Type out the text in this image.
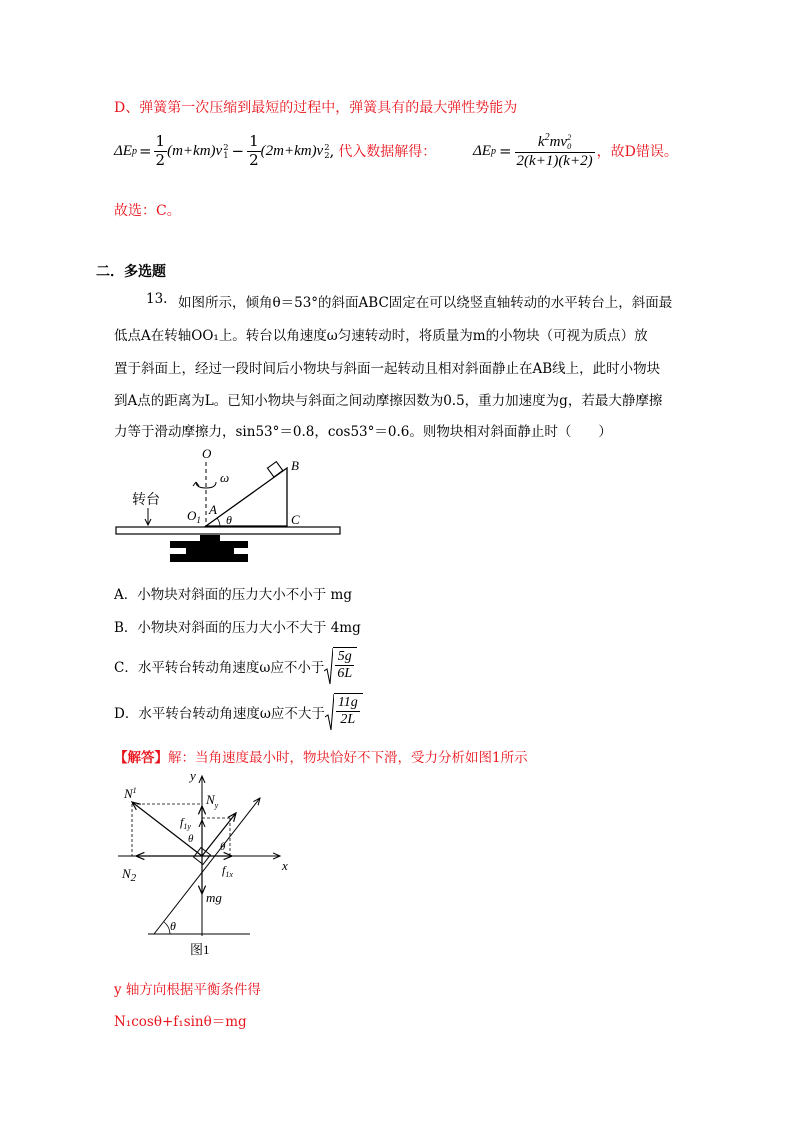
D、弹簧第一次压缩到最短的过程中，弹簧具有的最大弹性势能为
ΔE $p = \frac{1}{2} (m+km)v$ 2
$1 - \frac{1}{2} (2m+km)v$ 2
2 , 代入数据解得： ΔE $p = k^2mv$ 2
0
2(k+1)(k+2) ，故D错误。
故选：C。
二．多选题
13. 如图所示，倾角θ＝53°的斜面ABC固定在可以绕竖直轴转动的水平转台上，斜面最
低点A在转轴OO₁上。转台以角速度ω匀速转动时，将质量为m的小物块（可视为质点）放
置于斜面上，经过一段时间后小物块与斜面一起转动且相对斜面静止在AB线上，此时小物块
到A点的距离为L。已知小物块与斜面之间动摩擦因数为0.5，重力加速度为g，若最大静摩擦
力等于滑动摩擦力，sin53°＝0.8，cos53°＝0.6。则物块相对斜面静止时（　　）
O
ω
B
C
A
θ
$O_1$
转台
A．小物块对斜面的压力大小不小于 mg
B．小物块对斜面的压力大小不大于 4mg
C．水平转台转动角速度ω应不小于 $\frac{5g}{6L}$
D．水平转台转动角速度ω应不大于 $\frac{11g}{2L}$
【解答】解：当角速度最小时，物块恰好不下滑，受力分析如图1所示
y
x
θ
$N^1$
$N_y$
$f_{1y}$
$f_{1x}$
$N_2$
mg
θ
θ
图1
y 轴方向根据平衡条件得
N₁cosθ+f₁sinθ＝mg
